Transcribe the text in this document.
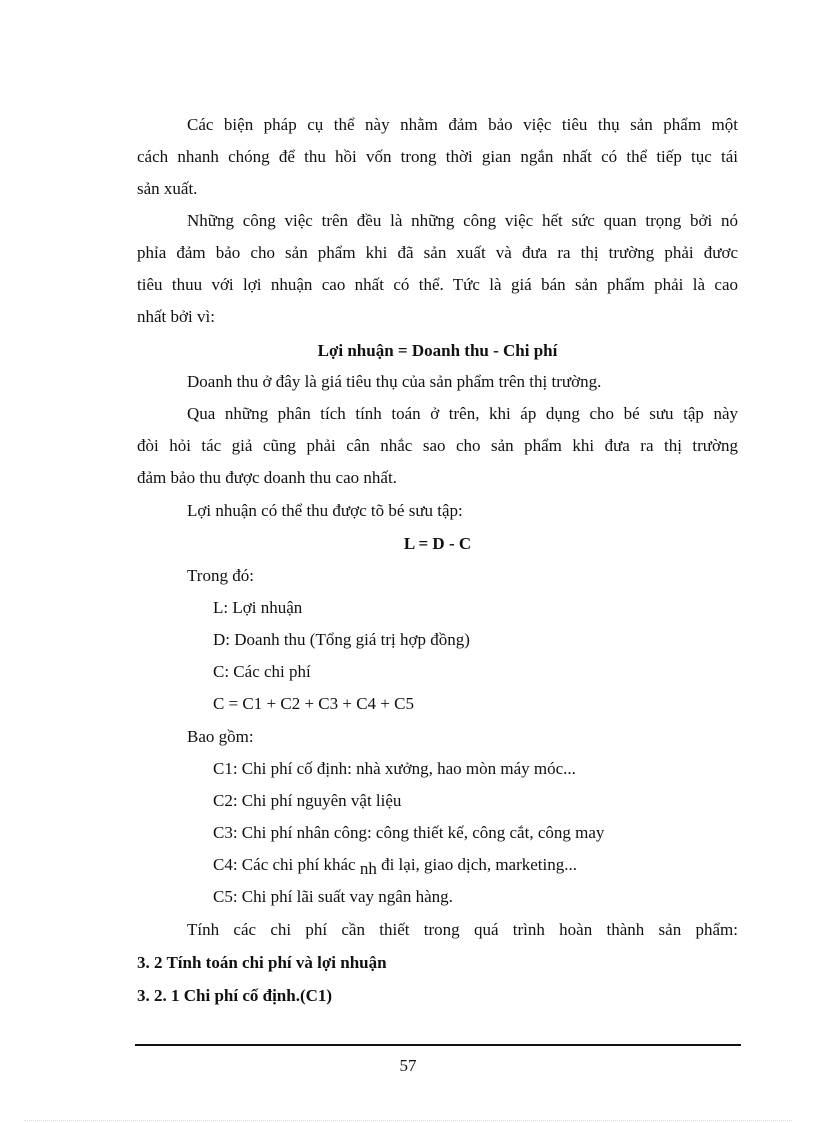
Các biện pháp cụ thể này nhằm đảm bảo việc tiêu thụ sản phẩm một
cách nhanh chóng để thu hồi vốn trong thời gian ngắn nhất có thể tiếp tục tái
sản xuất.
Những công việc trên đều là những công việc hết sức quan trọng bởi nó
phỉa đảm bảo cho sản phẩm khi đã sản xuất và đưa ra thị trường phải đươc
tiêu thuu với lợi nhuận cao nhất có thể. Tức là giá bán sản phẩm phải là cao
nhất bởi vì:
Lợi nhuận = Doanh thu - Chi phí
Doanh thu ở đây là giá tiêu thụ của sản phẩm trên thị trường.
Qua những phân tích tính toán ở trên, khi áp dụng cho bé sưu tập này
đòi hỏi tác giả cũng phải cân nhắc sao cho sản phẩm khi đưa ra thị trường
đảm bảo thu được doanh thu cao nhất.
Lợi nhuận có thể thu được tõ bé sưu tập:
L = D - C
Trong đó:
L: Lợi nhuận
D: Doanh thu (Tổng giá trị hợp đồng)
C: Các chi phí
C = C1 + C2 + C3 + C4 + C5
Bao gồm:
C1: Chi phí cố định: nhà xưởng, hao mòn máy móc...
C2: Chi phí nguyên vật liệu
C3: Chi phí nhân công: công thiết kế, công cắt, công may
C4: Các chi phí khác nh đi lại, giao dịch, marketing...
C5: Chi phí lãi suất vay ngân hàng.
Tính các chi phí cần thiết trong quá trình hoàn thành sản phẩm:
3. 2 Tính toán chi phí và lợi nhuận
3. 2. 1 Chi phí cố định.(C1)
57
